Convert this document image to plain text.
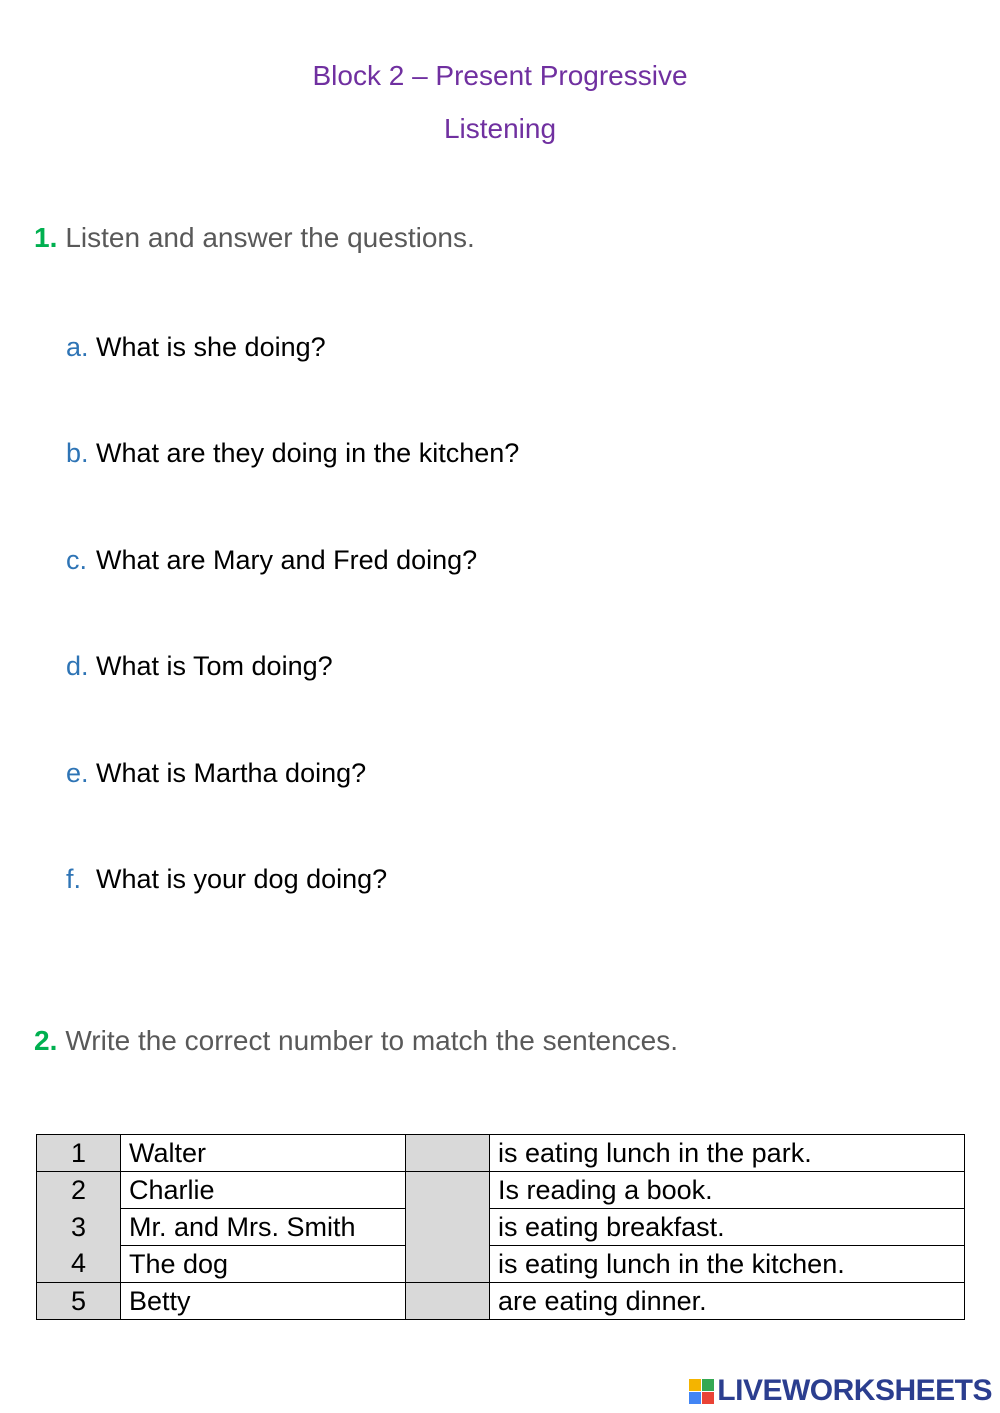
Block 2 – Present Progressive
Listening
1. Listen and answer the questions.
a. What is she doing?
b. What are they doing in the kitchen?
c. What are Mary and Fred doing?
d. What is Tom doing?
e. What is Martha doing?
f. What is your dog doing?
2. Write the correct number to match the sentences.
1	Walter		is eating lunch in the park.
2	Charlie		Is reading a book.
3	Mr. and Mrs. Smith		is eating breakfast.
4	The dog		is eating lunch in the kitchen.
5	Betty		are eating dinner.
LIVEWORKSHEETS
